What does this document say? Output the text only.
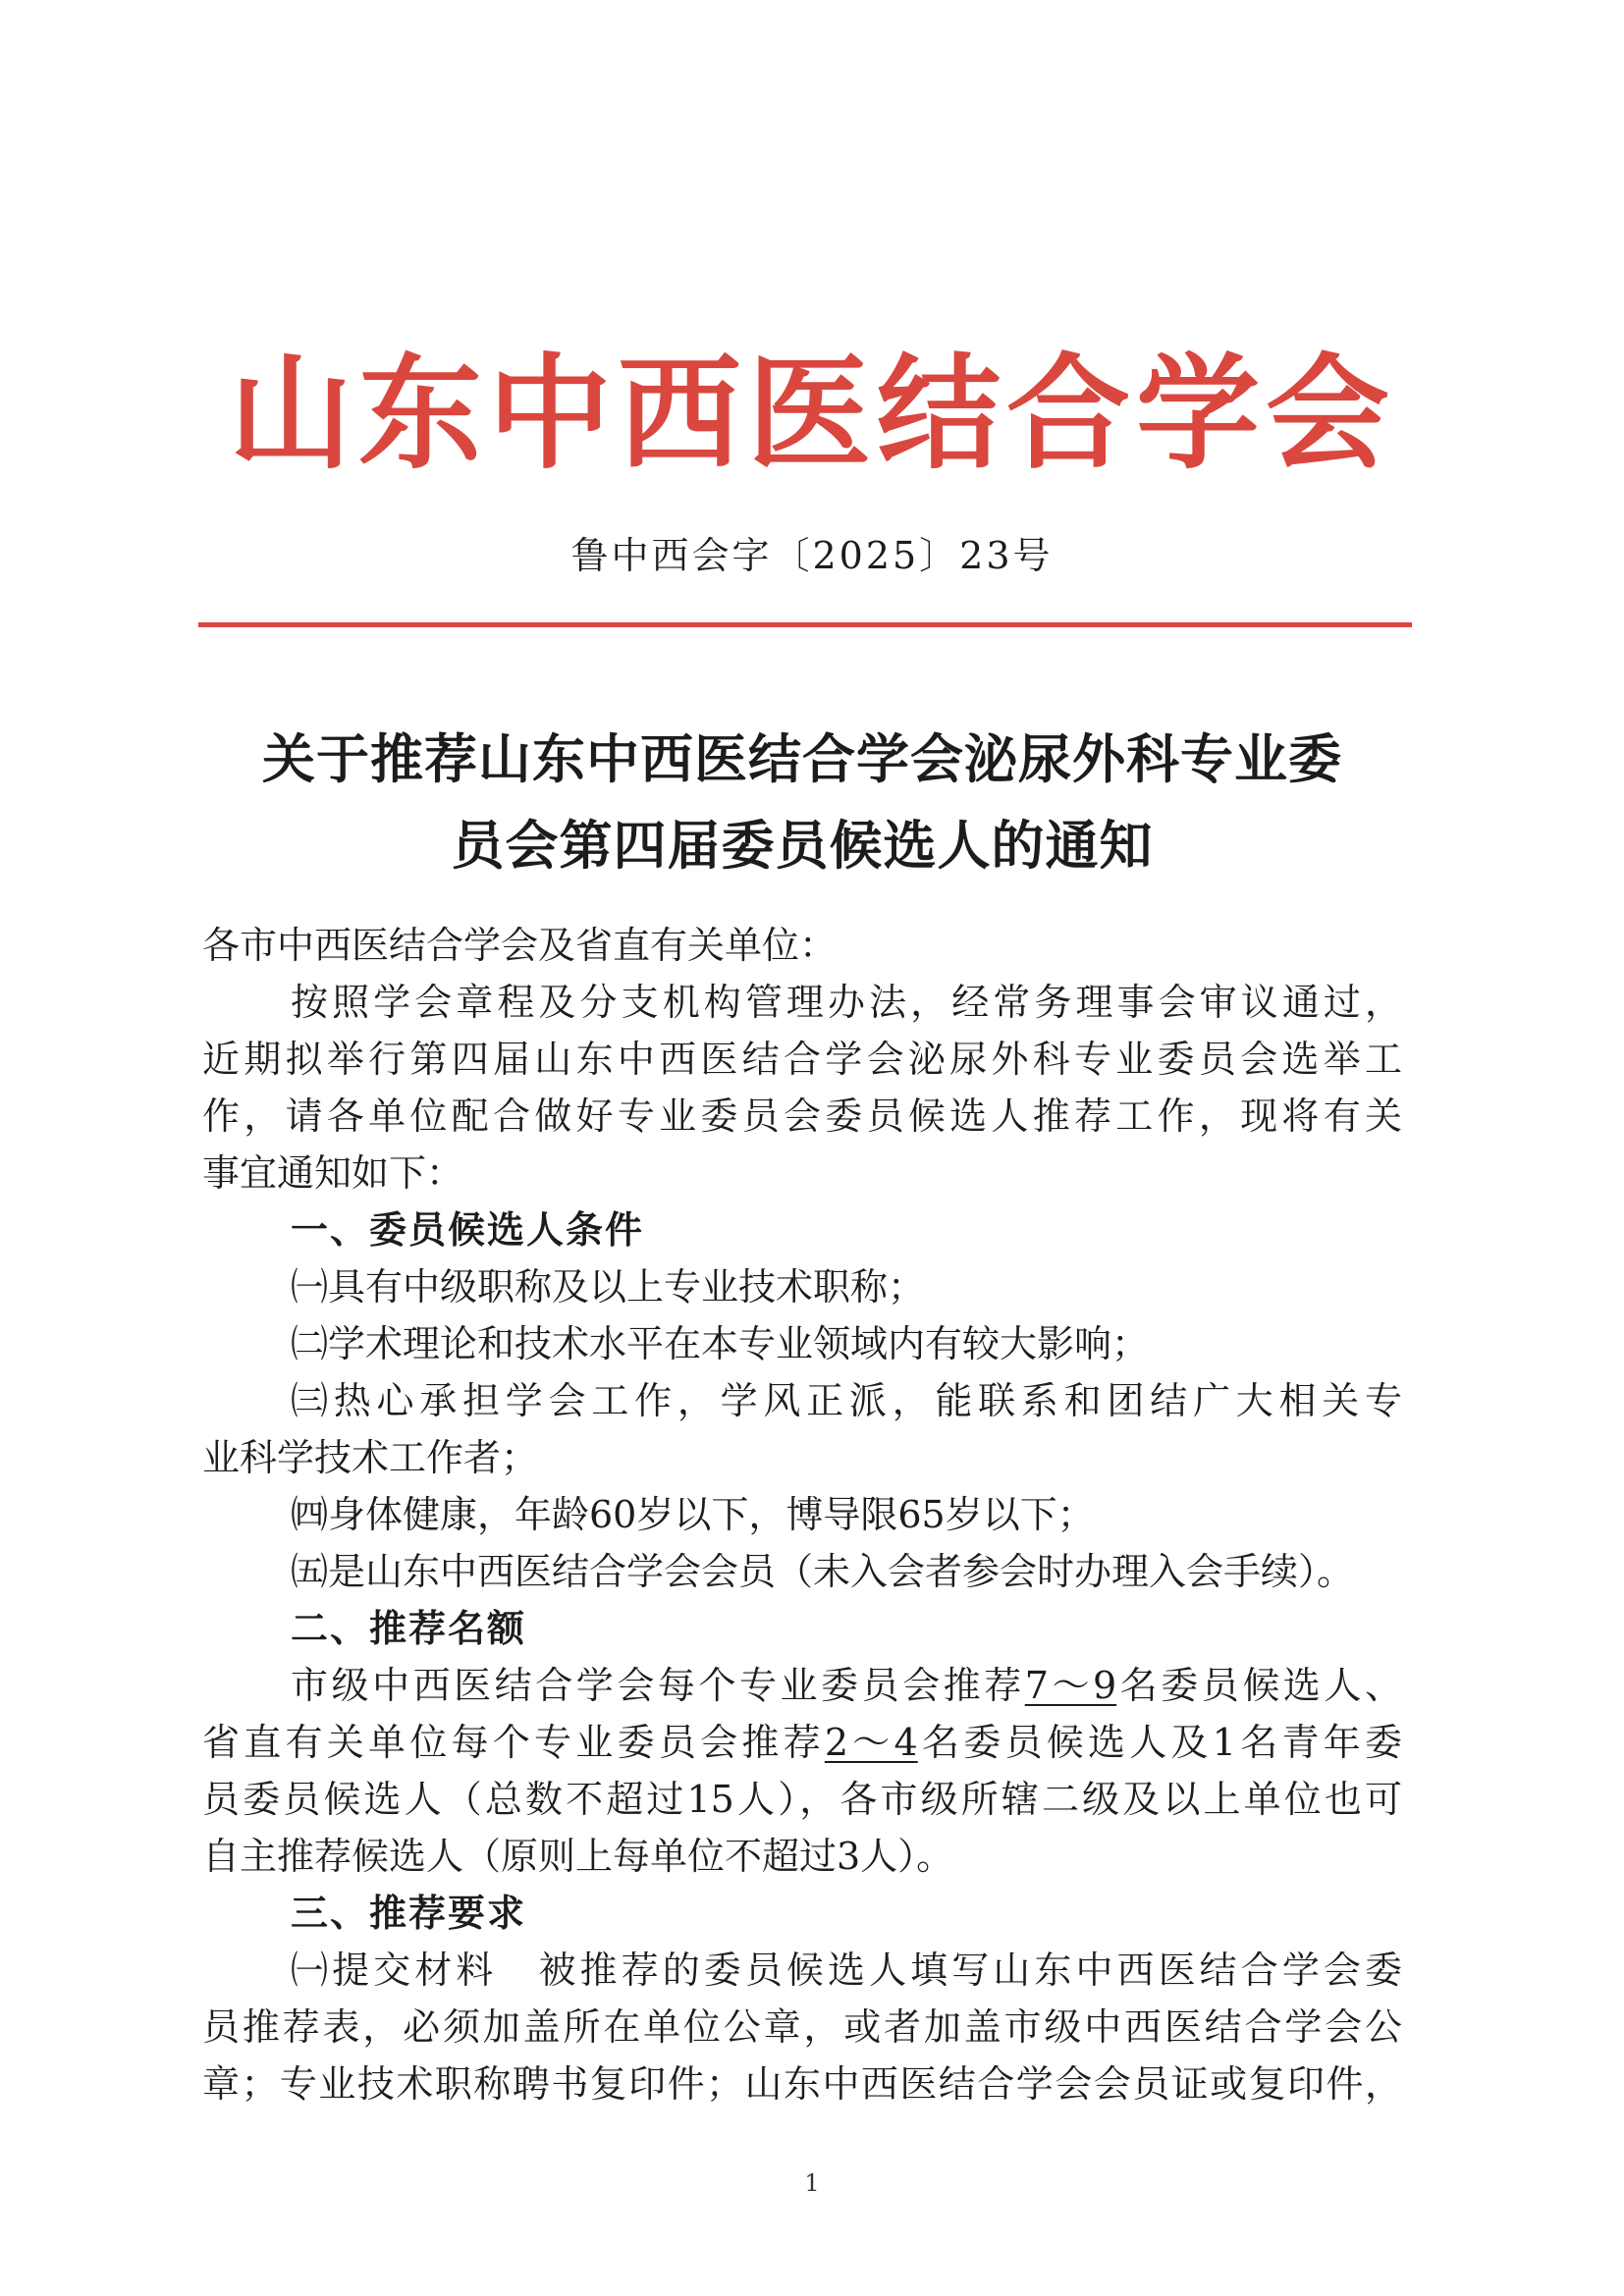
山东中西医结合学会
鲁中西会字〔2025〕23号
关于推荐山东中西医结合学会泌尿外科专业委
员会第四届委员候选人的通知
各市中西医结合学会及省直有关单位：
按照学会章程及分支机构管理办法，经常务理事会审议通过，
近期拟举行第四届山东中西医结合学会泌尿外科专业委员会选举工
作，请各单位配合做好专业委员会委员候选人推荐工作，现将有关
事宜通知如下：
一、委员候选人条件
㈠具有中级职称及以上专业技术职称；
㈡学术理论和技术水平在本专业领域内有较大影响；
㈢热心承担学会工作，学风正派，能联系和团结广大相关专
业科学技术工作者；
㈣身体健康，年龄60岁以下，博导限65岁以下；
㈤是山东中西医结合学会会员（未入会者参会时办理入会手续）。
二、推荐名额
市级中西医结合学会每个专业委员会推荐7～9名委员候选人、
省直有关单位每个专业委员会推荐2～4名委员候选人及1名青年委
员委员候选人（总数不超过15人），各市级所辖二级及以上单位也可
自主推荐候选人（原则上每单位不超过3人）。
三、推荐要求
㈠提交材料　被推荐的委员候选人填写山东中西医结合学会委
员推荐表，必须加盖所在单位公章，或者加盖市级中西医结合学会公
章；专业技术职称聘书复印件；山东中西医结合学会会员证或复印件，
1
